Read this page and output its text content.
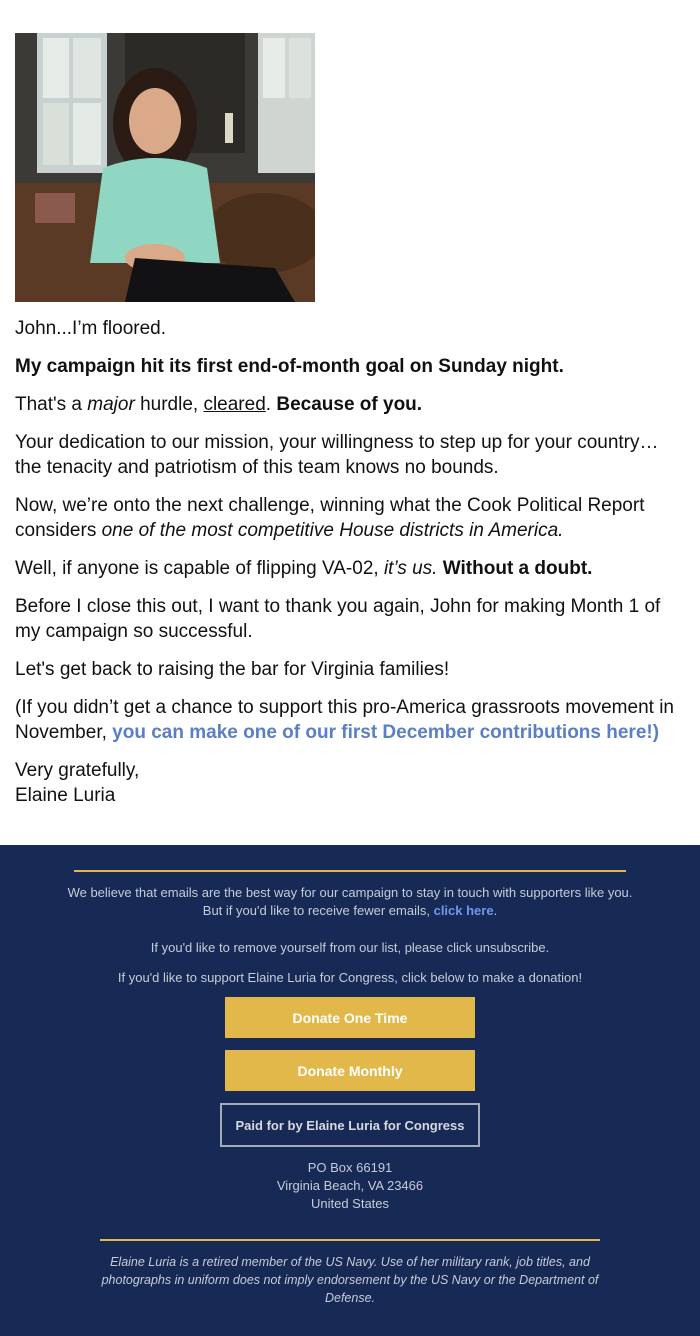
John...I’m floored.

My campaign hit its first end-of-month goal on Sunday night.

That's a major hurdle, cleared. Because of you.

Your dedication to our mission, your willingness to step up for your country… the tenacity and patriotism of this team knows no bounds.

Now, we’re onto the next challenge, winning what the Cook Political Report considers one of the most competitive House districts in America.

Well, if anyone is capable of flipping VA-02, it’s us. Without a doubt.

Before I close this out, I want to thank you again, John for making Month 1 of my campaign so successful.

Let's get back to raising the bar for Virginia families!

(If you didn’t get a chance to support this pro-America grassroots movement in November, you can make one of our first December contributions here!)

Very gratefully,
Elaine Luria

We believe that emails are the best way for our campaign to stay in touch with supporters like you. But if you'd like to receive fewer emails, click here.
If you'd like to remove yourself from our list, please click unsubscribe.
If you'd like to support Elaine Luria for Congress, click below to make a donation!
Donate One Time
Donate Monthly
Paid for by Elaine Luria for Congress
PO Box 66191
Virginia Beach, VA 23466
United States
Elaine Luria is a retired member of the US Navy. Use of her military rank, job titles, and photographs in uniform does not imply endorsement by the US Navy or the Department of Defense.
